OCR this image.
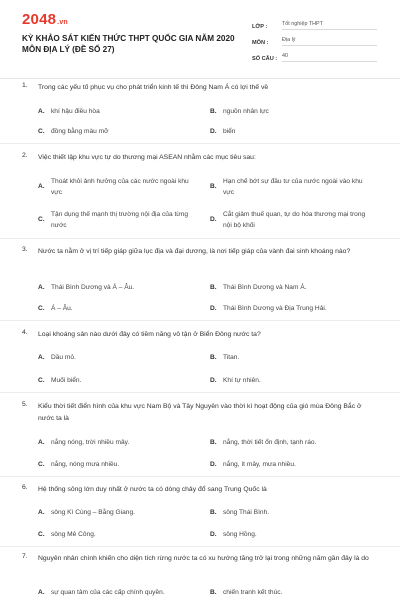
2048.vn
KỲ KHẢO SÁT KIẾN THỨC THPT QUỐC GIA NĂM 2020
MÔN ĐỊA LÝ (ĐỀ SỐ 27)
LỚP :	Tốt nghiệp THPT
MÔN :	Địa lý
SỐ CÂU : 40
1. Trong các yếu tố phục vụ cho phát triển kinh tế thì Đông Nam Á có lợi thế về
A. khí hậu điều hòa	B. nguồn nhân lực
C. đồng bằng màu mỡ	D. biển
2. Việc thiết lập khu vực tự do thương mại ASEAN nhằm các mục tiêu sau:
A.
Thoát khỏi ảnh hưởng của các nước ngoài khu vực
B.
Hạn chế bớt sự đầu tư của nước ngoài vào khu vực
C.
Tận dụng thế mạnh thị trường nội địa của từng nước
D.
Cắt giảm thuế quan, tự do hóa thương mại trong nội bộ khối
3. Nước ta nằm ở vị trí tiếp giáp giữa lục địa và đại dương, là nơi tiếp giáp của vành đai sinh khoáng nào?
A. Thái Bình Dương và Á – Âu.	B. Thái Bình Dương và Nam Á.
C. Á – Âu.	D. Thái Bình Dương và Địa Trung Hải.
4. Loại khoáng sản nào dưới đây có tiềm năng vô tận ở Biển Đông nước ta?
A. Dầu mỏ.	B. Titan.
C. Muối biển.	D. Khí tự nhiên.
5. Kiểu thời tiết điển hình của khu vực Nam Bộ và Tây Nguyên vào thời kì hoạt động của gió mùa Đông Bắc ở nước ta là
A. nắng nóng, trời nhiều mây.	B. nắng, thời tiết ổn định, tạnh ráo.
C. nắng, nóng mưa nhiều.	D. nắng, ít mây, mưa nhiều.
6. Hệ thống sông lớn duy nhất ở nước ta có dòng chảy đổ sang Trung Quốc là
A. sông Kì Cùng – Bằng Giang.	B. sông Thái Bình.
C. sông Mê Công.	D. sông Hồng.
7. Nguyên nhân chính khiến cho diện tích rừng nước ta có xu hướng tăng trở lại trong những năm gần đây là do
A. sự quan tâm của các cấp chính quyền.	B. chiến tranh kết thúc.
